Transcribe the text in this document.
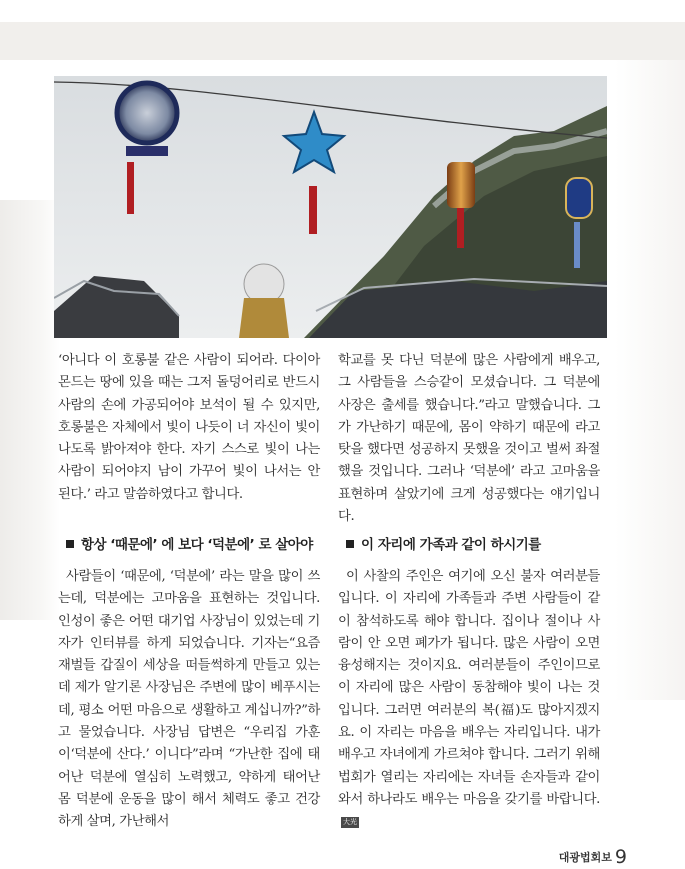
‘아니다 이 호롱불 같은 사람이 되어라. 다이아몬드는 땅에 있을 때는 그저 돌덩어리로 반드시 사람의 손에 가공되어야 보석이 될 수 있지만, 호롱불은 자체에서 빛이 나듯이 너 자신이 빛이 나도록 밝아져야 한다. 자기 스스로 빛이 나는 사람이 되어야지 남이 가꾸어 빛이 나서는 안 된다.’ 라고 말씀하였다고 합니다.

학교를 못 다닌 덕분에 많은 사람에게 배우고, 그 사람들을 스승같이 모셨습니다. 그 덕분에 사장은 출세를 했습니다.”라고 말했습니다. 그가 가난하기 때문에, 몸이 약하기 때문에 라고 탓을 했다면 성공하지 못했을 것이고 벌써 좌절했을 것입니다. 그러나 ‘덕분에’ 라고 고마움을 표현하며 살았기에 크게 성공했다는 얘기입니다.

항상 ‘때문에’ 에 보다 ‘덕분에’ 로 살아야	이 자리에 가족과 같이 하시기를

사람들이 ‘때문에, ‘덕분에’ 라는 말을 많이 쓰는데, 덕분에는 고마움을 표현하는 것입니다. 인성이 좋은 어떤 대기업 사장님이 있었는데 기자가 인터뷰를 하게 되었습니다. 기자는“요즘 재벌들 갑질이 세상을 떠들썩하게 만들고 있는데 제가 알기론 사장님은 주변에 많이 베푸시는데, 평소 어떤 마음으로 생활하고 계십니까?”하고 물었습니다. 사장님 답변은 “우리집 가훈이‘덕분에 산다.’ 이니다”라며 “가난한 집에 태어난 덕분에 열심히 노력했고, 약하게 태어난 몸 덕분에 운동을 많이 해서 체력도 좋고 건강하게 살며, 가난해서

이 사찰의 주인은 여기에 오신 불자 여러분들입니다. 이 자리에 가족들과 주변 사람들이 같이 참석하도록 해야 합니다. 집이나 절이나 사람이 안 오면 폐가가 됩니다. 많은 사람이 오면 융성해지는 것이지요. 여러분들이 주인이므로 이 자리에 많은 사람이 동참해야 빛이 나는 것입니다. 그러면 여러분의 복(福)도 많아지겠지요. 이 자리는 마음을 배우는 자리입니다. 내가 배우고 자녀에게 가르쳐야 합니다. 그러기 위해 법회가 열리는 자리에는 자녀들 손자들과 같이 와서 하나라도 배우는 마음을 갖기를 바랍니다.大光

대광법회보 9
